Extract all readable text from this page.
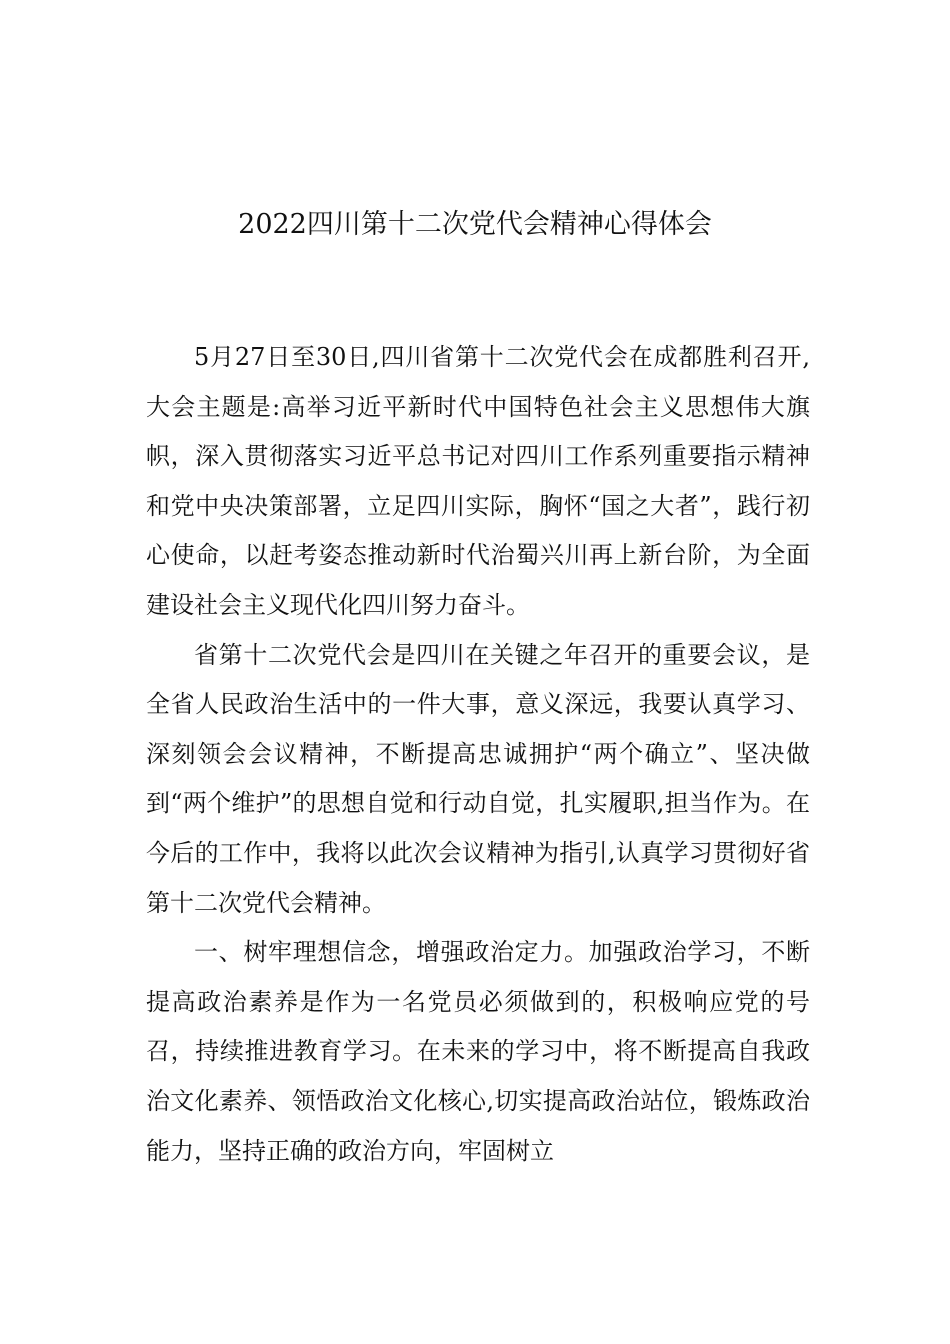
2022四川第十二次党代会精神心得体会

5月27日至30日,四川省第十二次党代会在成都胜利召开,大会主题是:高举习近平新时代中国特色社会主义思想伟大旗帜，深入贯彻落实习近平总书记对四川工作系列重要指示精神和党中央决策部署，立足四川实际，胸怀“国之大者”，践行初心使命，以赶考姿态推动新时代治蜀兴川再上新台阶，为全面建设社会主义现代化四川努力奋斗。

省第十二次党代会是四川在关键之年召开的重要会议，是全省人民政治生活中的一件大事，意义深远，我要认真学习、深刻领会会议精神，不断提高忠诚拥护“两个确立”、坚决做到“两个维护”的思想自觉和行动自觉，扎实履职,担当作为。在今后的工作中，我将以此次会议精神为指引,认真学习贯彻好省第十二次党代会精神。

一、树牢理想信念，增强政治定力。加强政治学习，不断提高政治素养是作为一名党员必须做到的，积极响应党的号召，持续推进教育学习。在未来的学习中，将不断提高自我政治文化素养、领悟政治文化核心,切实提高政治站位，锻炼政治能力，坚持正确的政治方向，牢固树立
